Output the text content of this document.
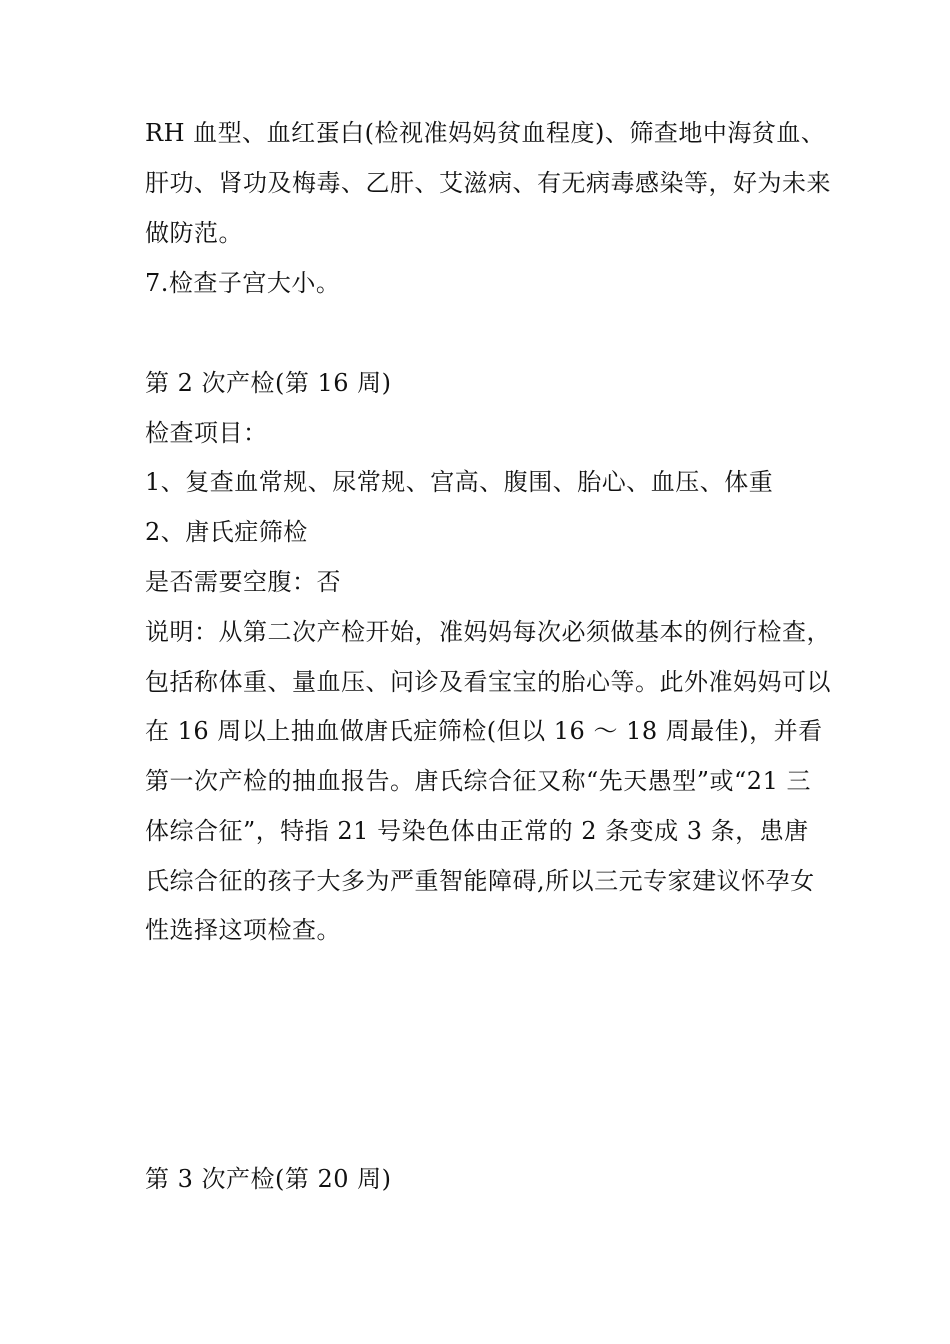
RH 血型、血红蛋白(检视准妈妈贫血程度)、筛查地中海贫血、
肝功、肾功及梅毒、乙肝、艾滋病、有无病毒感染等，好为未来
做防范。
7.检查子宫大小。
第 2 次产检(第 16 周)
检查项目：
1、复查血常规、尿常规、宫高、腹围、胎心、血压、体重
2、唐氏症筛检
是否需要空腹：否
说明：从第二次产检开始，准妈妈每次必须做基本的例行检查，
包括称体重、量血压、问诊及看宝宝的胎心等。此外准妈妈可以
在 16 周以上抽血做唐氏症筛检(但以 16 ～ 18 周最佳)，并看
第一次产检的抽血报告。唐氏综合征又称“先天愚型”或“21 三
体综合征”，特指 21 号染色体由正常的 2 条变成 3 条，患唐
氏综合征的孩子大多为严重智能障碍,所以三元专家建议怀孕女
性选择这项检查。
第 3 次产检(第 20 周)
